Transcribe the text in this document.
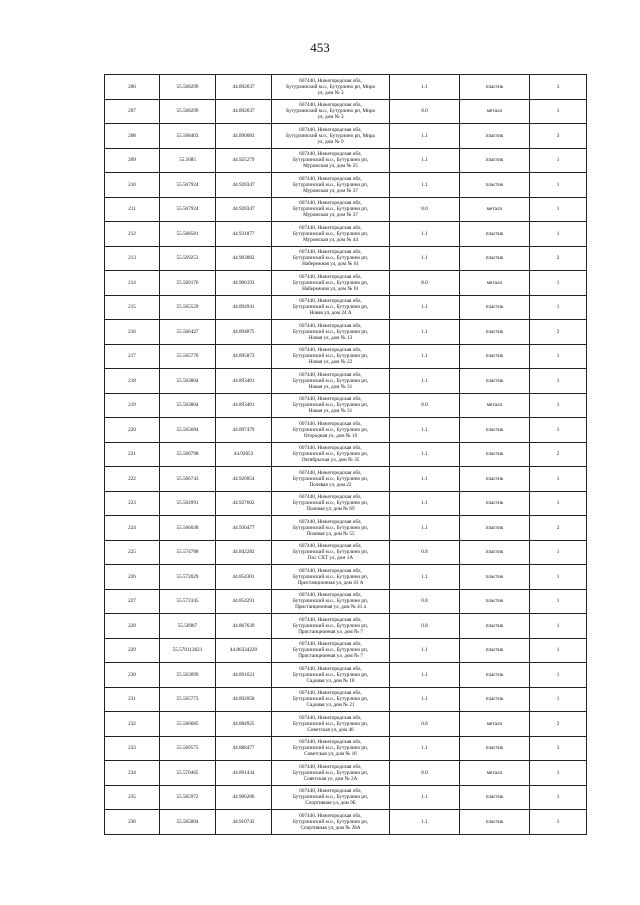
453
206	55.568299	44.892637	607440, Нижегородская обл,
Бутурлинский м.о., Бутурлино рп, Мира
ул, дом № 3	1.1	пластик	3
207	55.568299	44.892637	607440, Нижегородская обл,
Бутурлинский м.о., Бутурлино рп, Мира
ул, дом № 3	8.0	металл	1
208	55.568403	44.890083	607440, Нижегородская обл,
Бутурлинский м.о., Бутурлино рп, Мира
ул, дом № 9	1.1	пластик	3
209	55.5685	44.925279	607440, Нижегородская обл,
Бутурлинский м.о., Бутурлино рп,
Муромская ул, дом № 25	1.1	пластик	1
210	55.567924	44.928347	607440, Нижегородская обл,
Бутурлинский м.о., Бутурлино рп,
Муромская ул, дом № 37	1.1	пластик	1
211	55.567924	44.928347	607440, Нижегородская обл,
Бутурлинский м.о., Бутурлино рп,
Муромская ул, дом № 37	8.0	металл	1
212	55.568581	44.931877	607440, Нижегородская обл,
Бутурлинский м.о., Бутурлино рп,
Муромская ул, дом № 44	1.1	пластик	1
213	55.569253	44.903882	607440, Нижегородская обл,
Бутурлинский м.о., Бутурлино рп,
Набережная ул, дом № 61	1.1	пластик	2
214	55.569176	44.906193	607440, Нижегородская обл,
Бутурлинский м.о., Бутурлино рп,
Набережная ул, дом № 61	8.0	металл	1
215	55.565529	44.894941	607440, Нижегородская обл,
Бутурлинский м.о., Бутурлино рп,
Новая ул, дом 24 А	1.1	пластик	1
216	55.566427	44.894875	607440, Нижегородская обл,
Бутурлинский м.о., Бутурлино рп,
Новая ул, дом № 13	1.1	пластик	2
217	55.565770	44.895873	607440, Нижегородская обл,
Бутурлинский м.о., Бутурлино рп,
Новая ул, дом № 22	1.1	пластик	1
218	55.563804	44.893401	607440, Нижегородская обл,
Бутурлинский м.о., Бутурлино рп,
Новая ул, дом № 31	1.1	пластик	1
219	55.563804	44.893401	607440, Нижегородская обл,
Бутурлинский м.о., Бутурлино рп,
Новая ул, дом № 31	8.0	металл	1
220	55.565684	44.897479	607440, Нижегородская обл,
Бутурлинский м.о., Бутурлино рп,
Огородная ул, дом № 16	1.1	пластик	1
221	55.560798	44.92053	607440, Нижегородская обл,
Бутурлинский м.о., Бутурлино рп,
Октябрьская ул, дом № 35	1.1	пластик	2
222	55.566743	44.926054	607440, Нижегородская обл,
Бутурлинский м.о., Бутурлино рп,
Полевая ул, дом 22	1.1	пластик	1
223	55.564991	44.927602	607440, Нижегородская обл,
Бутурлинский м.о., Бутурлино рп,
Полевая ул, дом № 69	1.1	пластик	1
224	55.566038	44.930477	607440, Нижегородская обл,
Бутурлинский м.о., Бутурлино рп,
Полевая ул, дом № 55	1.1	пластик	2
225	55.574788	44.842282	607440, Нижегородская обл,
Бутурлинский м.о., Бутурлино рп,
Пос СХТ ул, дом 1А	0.8	пластик	1
226	55.572029	44.854301	607440, Нижегородская обл,
Бутурлинский м.о., Бутурлино рп,
Пристанционная ул, дом 43 А	1.1	пластик	1
227	55.572345	44.854291	607440, Нижегородская обл,
Бутурлинский м.о., Бутурлино рп,
Пристанционная ул, дом № 41 а	0.8	пластик	1
228	55.56987	44.867639	607440, Нижегородская обл,
Бутурлинский м.о., Бутурлино рп,
Пристанционная ул, дом № 7	0.8	пластик	1
229	55.570113821	44.86334220	607440, Нижегородская обл,
Бутурлинский м.о., Бутурлино рп,
Пристанционная ул, дом № 7	1.1	пластик	1
230	55.563099	44.891621	607440, Нижегородская обл,
Бутурлинский м.о., Бутурлино рп,
Садовая ул, дом № 18	1.1	пластик	1
231	55.565773	44.892058	607440, Нижегородская обл,
Бутурлинский м.о., Бутурлино рп,
Садовая ул, дом № 21	1.1	пластик	1
232	55.566685	44.884925	607440, Нижегородская обл,
Бутурлинский м.о., Бутурлино рп,
Советская ул, дом 46	0.8	металл	2
233	55.569575	44.888477	607440, Нижегородская обл,
Бутурлинский м.о., Бутурлино рп,
Советская ул, дом № 16	1.1	пластик	3
234	55.570465	44.891434	607440, Нижегородская обл,
Бутурлинский м.о., Бутурлино рп,
Советская ул, дом № 2А	8.0	металл	1
235	55.565972	44.906206	607440, Нижегородская обл,
Бутурлинский м.о., Бутурлино рп,
Спортивная ул, дом 9Б	1.1	пластик	1
236	55.565804	44.910743	607440, Нижегородская обл,
Бутурлинский м.о., Бутурлино рп,
Спортивная ул, дом № 28А	1.1	пластик	1
